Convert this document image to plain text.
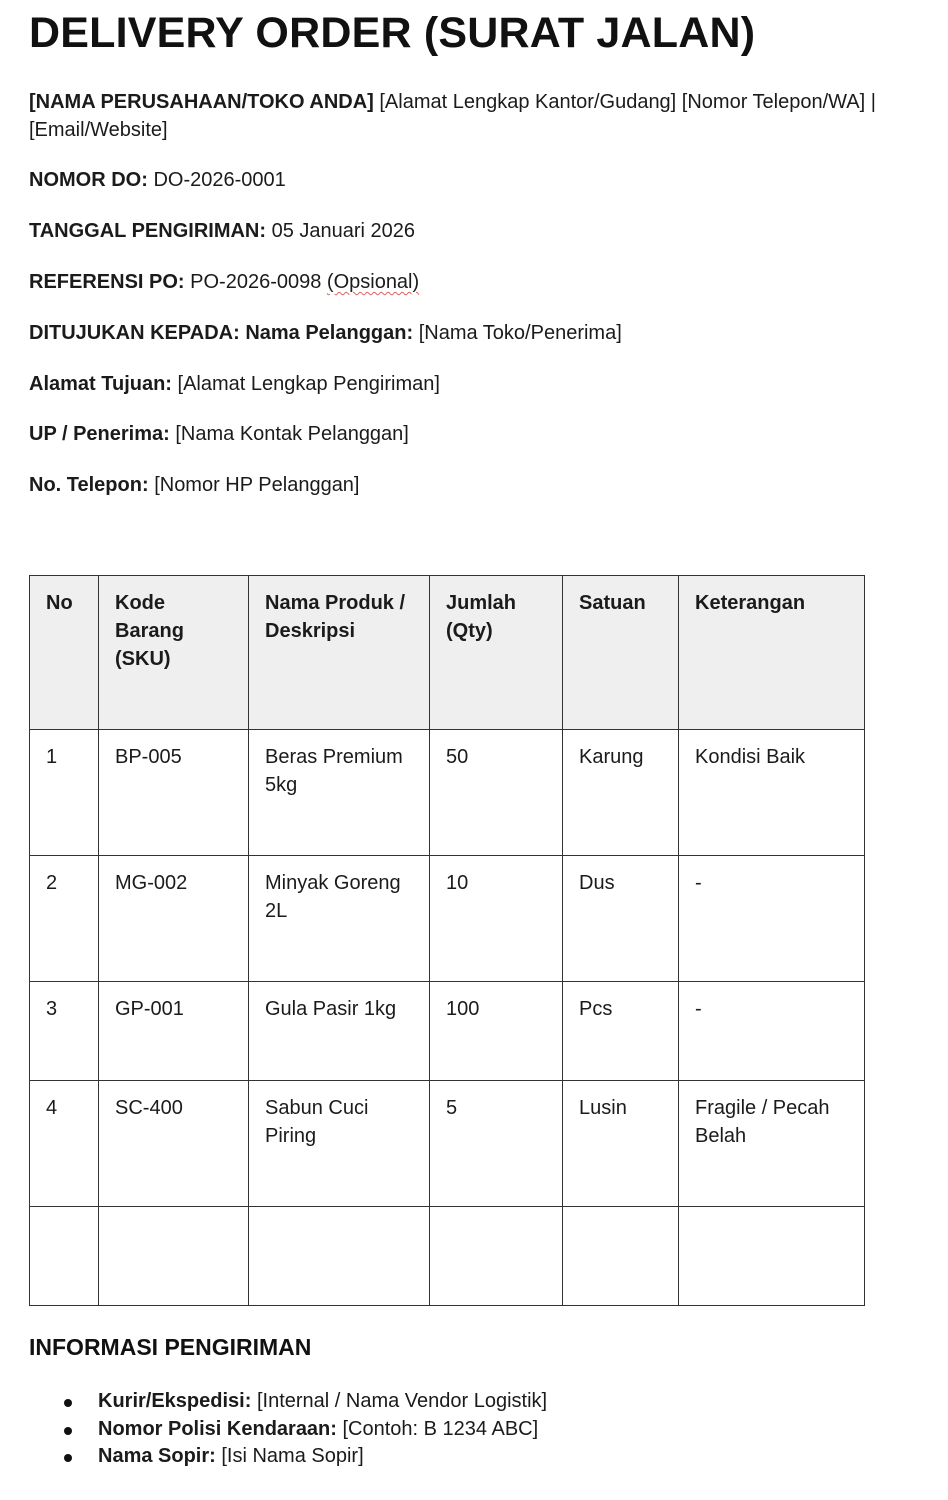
DELIVERY ORDER (SURAT JALAN)
[NAMA PERUSAHAAN/TOKO ANDA] [Alamat Lengkap Kantor/Gudang] [Nomor Telepon/WA] | [Email/Website]
NOMOR DO: DO-2026-0001
TANGGAL PENGIRIMAN: 05 Januari 2026
REFERENSI PO: PO-2026-0098 (Opsional)
DITUJUKAN KEPADA: Nama Pelanggan: [Nama Toko/Penerima]
Alamat Tujuan: [Alamat Lengkap Pengiriman]
UP / Penerima: [Nama Kontak Pelanggan]
No. Telepon: [Nomor HP Pelanggan]
No	Kode Barang (SKU)	Nama Produk / Deskripsi	Jumlah (Qty)	Satuan	Keterangan
1	BP-005	Beras Premium 5kg	50	Karung	Kondisi Baik
2	MG-002	Minyak Goreng 2L	10	Dus	-
3	GP-001	Gula Pasir 1kg	100	Pcs	-
4	SC-400	Sabun Cuci Piring	5	Lusin	Fragile / Pecah Belah

INFORMASI PENGIRIMAN
Kurir/Ekspedisi: [Internal / Nama Vendor Logistik]
Nomor Polisi Kendaraan: [Contoh: B 1234 ABC]
Nama Sopir: [Isi Nama Sopir]
